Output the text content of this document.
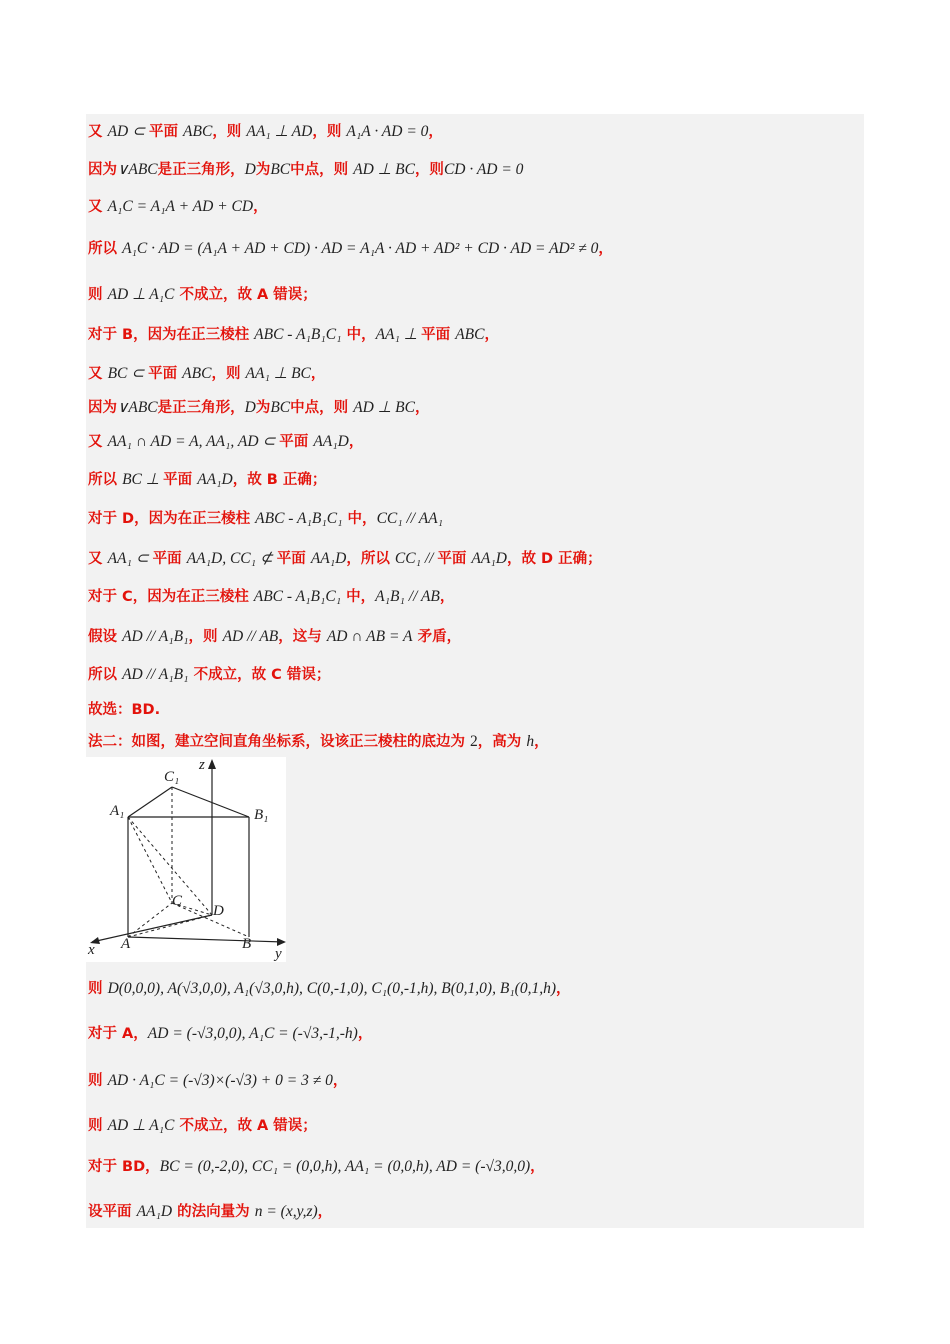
又 AD ⊂ 平面 ABC，则 AA₁ ⊥ AD，则 A₁A · AD = 0，
因为∨ABC是正三角形，D为BC中点，则 AD ⊥ BC，则CD · AD = 0
又 A₁C = A₁A + AD + CD，
所以 A₁C · AD = (A₁A + AD + CD) · AD = A₁A · AD + AD² + CD · AD = AD² ≠ 0，
则 AD ⊥ A₁C 不成立，故 A 错误；
对于 B，因为在正三棱柱 ABC - A₁B₁C₁ 中，AA₁ ⊥ 平面 ABC，
又 BC ⊂ 平面 ABC，则 AA₁ ⊥ BC，
因为∨ABC是正三角形，D为BC中点，则 AD ⊥ BC，
又 AA₁ ∩ AD = A, AA₁, AD ⊂ 平面 AA₁D，
所以 BC ⊥ 平面 AA₁D，故 B 正确；
对于 D，因为在正三棱柱 ABC - A₁B₁C₁ 中，CC₁ // AA₁
又 AA₁ ⊂ 平面 AA₁D, CC₁ ⊄ 平面 AA₁D，所以 CC₁ // 平面 AA₁D，故 D 正确；
对于 C，因为在正三棱柱 ABC - A₁B₁C₁ 中，A₁B₁ // AB，
假设 AD // A₁B₁，则 AD // AB，这与 AD ∩ AB = A 矛盾，
所以 AD // A₁B₁ 不成立，故 C 错误；
故选：BD.
法二：如图，建立空间直角坐标系，设该正三棱柱的底边为 2，高为 h，
则 D(0,0,0), A(√3,0,0), A₁(√3,0,h), C(0,-1,0), C₁(0,-1,h), B(0,1,0), B₁(0,1,h)，
对于 A，AD = (-√3,0,0), A₁C = (-√3,-1,-h)，
则 AD · A₁C = (-√3)×(-√3) + 0 = 3 ≠ 0，
则 AD ⊥ A₁C 不成立，故 A 错误；
对于 BD，BC = (0,-2,0), CC₁ = (0,0,h), AA₁ = (0,0,h), AD = (-√3,0,0)，
设平面 AA₁D 的法向量为 n = (x,y,z)，
z
C₁
A₁	B₁
C
D
x A	B
y
